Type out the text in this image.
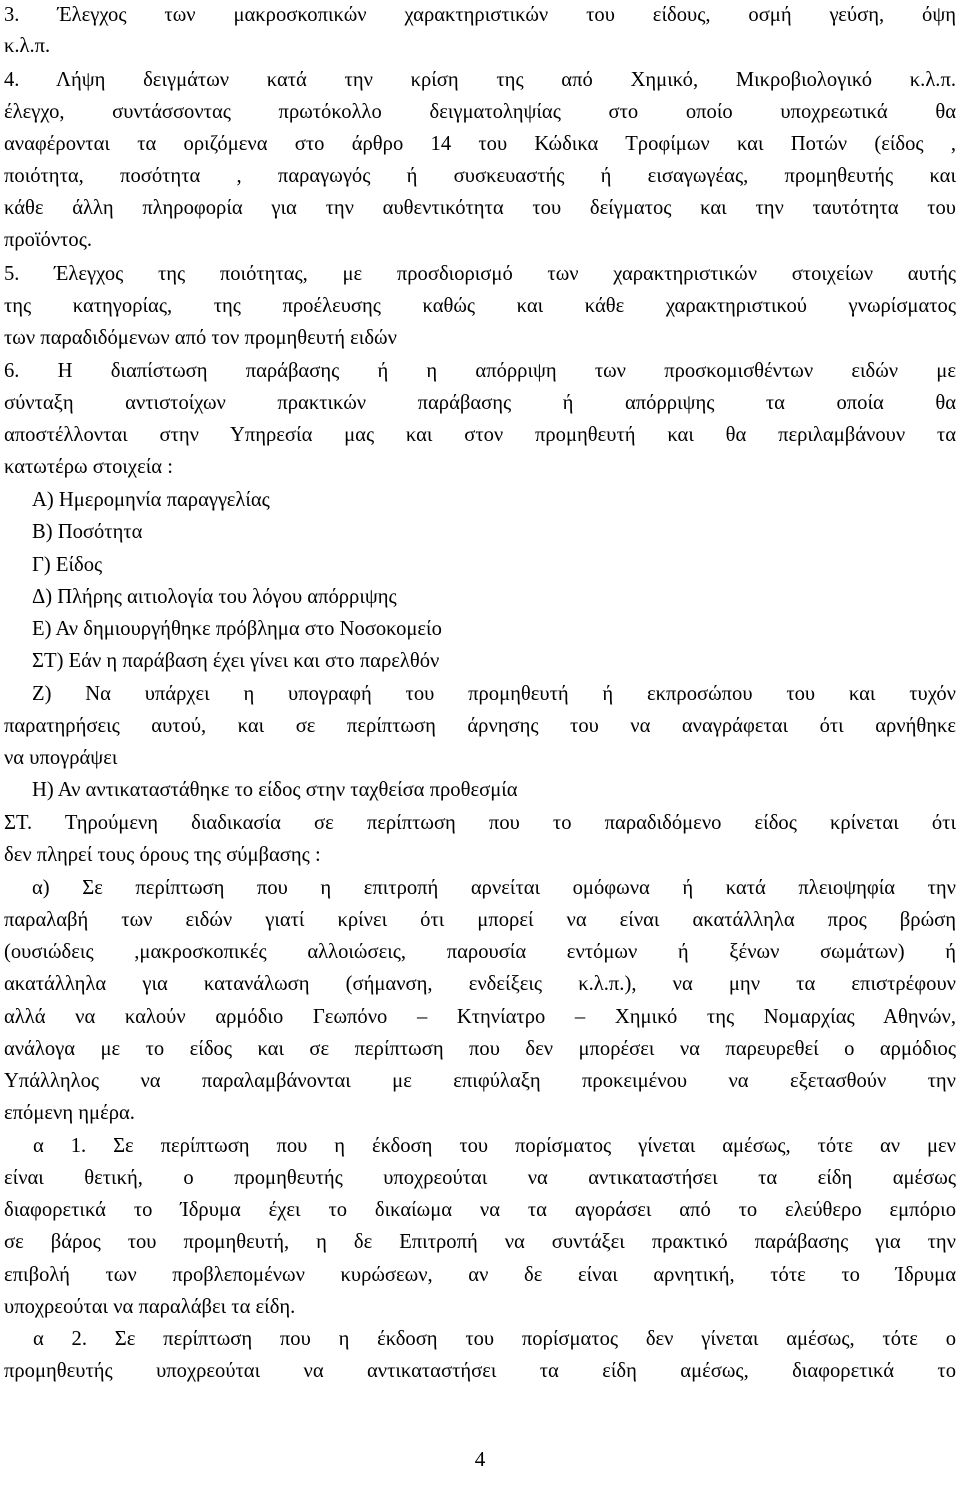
3. Έλεγχος των μακροσκοπικών χαρακτηριστικών του είδους, οσμή γεύση, όψη
κ.λ.π.
4. Λήψη δειγμάτων κατά την κρίση της από Χημικό, Μικροβιολογικό κ.λ.π.
έλεγχο, συντάσσοντας πρωτόκολλο δειγματοληψίας στο οποίο υποχρεωτικά θα
αναφέρονται τα οριζόμενα στο άρθρο 14 του Κώδικα Τροφίμων και Ποτών (είδος ,
ποιότητα, ποσότητα , παραγωγός ή συσκευαστής ή εισαγωγέας, προμηθευτής και
κάθε άλλη πληροφορία για την αυθεντικότητα του δείγματος και την ταυτότητα του
προϊόντος.
5. Έλεγχος της ποιότητας, με προσδιορισμό των χαρακτηριστικών στοιχείων αυτής
της κατηγορίας, της προέλευσης καθώς και κάθε χαρακτηριστικού γνωρίσματος
των παραδιδόμενων από τον προμηθευτή ειδών
6. Η διαπίστωση παράβασης ή η απόρριψη των προσκομισθέντων ειδών με
σύνταξη αντιστοίχων πρακτικών παράβασης ή απόρριψης τα οποία θα
αποστέλλονται στην Υπηρεσία μας και στον προμηθευτή και θα περιλαμβάνουν τα
κατωτέρω στοιχεία :
Α) Ημερομηνία παραγγελίας
Β) Ποσότητα
Γ) Είδος
Δ) Πλήρης αιτιολογία του λόγου απόρριψης
Ε) Αν δημιουργήθηκε πρόβλημα στο Νοσοκομείο
ΣΤ) Εάν η παράβαση έχει γίνει και στο παρελθόν
Ζ) Να υπάρχει η υπογραφή του προμηθευτή ή εκπροσώπου του και τυχόν
παρατηρήσεις αυτού, και σε περίπτωση άρνησης του να αναγράφεται ότι αρνήθηκε
να υπογράψει
Η) Αν αντικαταστάθηκε το είδος στην ταχθείσα προθεσμία
ΣΤ. Τηρούμενη διαδικασία σε περίπτωση που το παραδιδόμενο είδος κρίνεται ότι
δεν πληρεί τους όρους της σύμβασης :
α) Σε περίπτωση που η επιτροπή αρνείται ομόφωνα ή κατά πλειοψηφία την
παραλαβή των ειδών γιατί κρίνει ότι μπορεί να είναι ακατάλληλα προς βρώση
(ουσιώδεις ,μακροσκοπικές αλλοιώσεις, παρουσία εντόμων ή ξένων σωμάτων) ή
ακατάλληλα για κατανάλωση (σήμανση, ενδείξεις κ.λ.π.), να μην τα επιστρέφουν
αλλά να καλούν αρμόδιο Γεωπόνο – Κτηνίατρο – Χημικό της Νομαρχίας Αθηνών,
ανάλογα με το είδος και σε περίπτωση που δεν μπορέσει να παρευρεθεί ο αρμόδιος
Υπάλληλος να παραλαμβάνονται με επιφύλαξη προκειμένου να εξετασθούν την
επόμενη ημέρα.
α 1. Σε περίπτωση που η έκδοση του πορίσματος γίνεται αμέσως, τότε αν μεν
είναι θετική, ο προμηθευτής υποχρεούται να αντικαταστήσει τα είδη αμέσως
διαφορετικά το Ίδρυμα έχει το δικαίωμα να τα αγοράσει από το ελεύθερο εμπόριο
σε βάρος του προμηθευτή, η δε Επιτροπή να συντάξει πρακτικό παράβασης για την
επιβολή των προβλεπομένων κυρώσεων, αν δε είναι αρνητική, τότε το Ίδρυμα
υποχρεούται να παραλάβει τα είδη.
α 2. Σε περίπτωση που η έκδοση του πορίσματος δεν γίνεται αμέσως, τότε ο
προμηθευτής υποχρεούται να αντικαταστήσει τα είδη αμέσως, διαφορετικά το
4
